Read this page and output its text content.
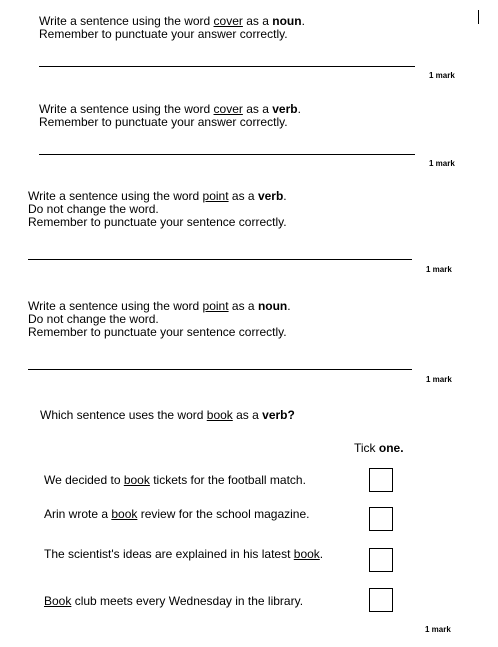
Write a sentence using the word cover as a noun.

Remember to punctuate your answer correctly.

1 mark

Write a sentence using the word cover as a verb.

Remember to punctuate your answer correctly.

1 mark

Write a sentence using the word point as a verb.

Do not change the word.

Remember to punctuate your sentence correctly.

1 mark

Write a sentence using the word point as a noun.

Do not change the word.

Remember to punctuate your sentence correctly.

1 mark

Which sentence uses the word book as a verb?

Tick one.
We decided to book tickets for the football match.
Arin wrote a book review for the school magazine.
The scientist's ideas are explained in his latest book.
Book club meets every Wednesday in the library.
1 mark
